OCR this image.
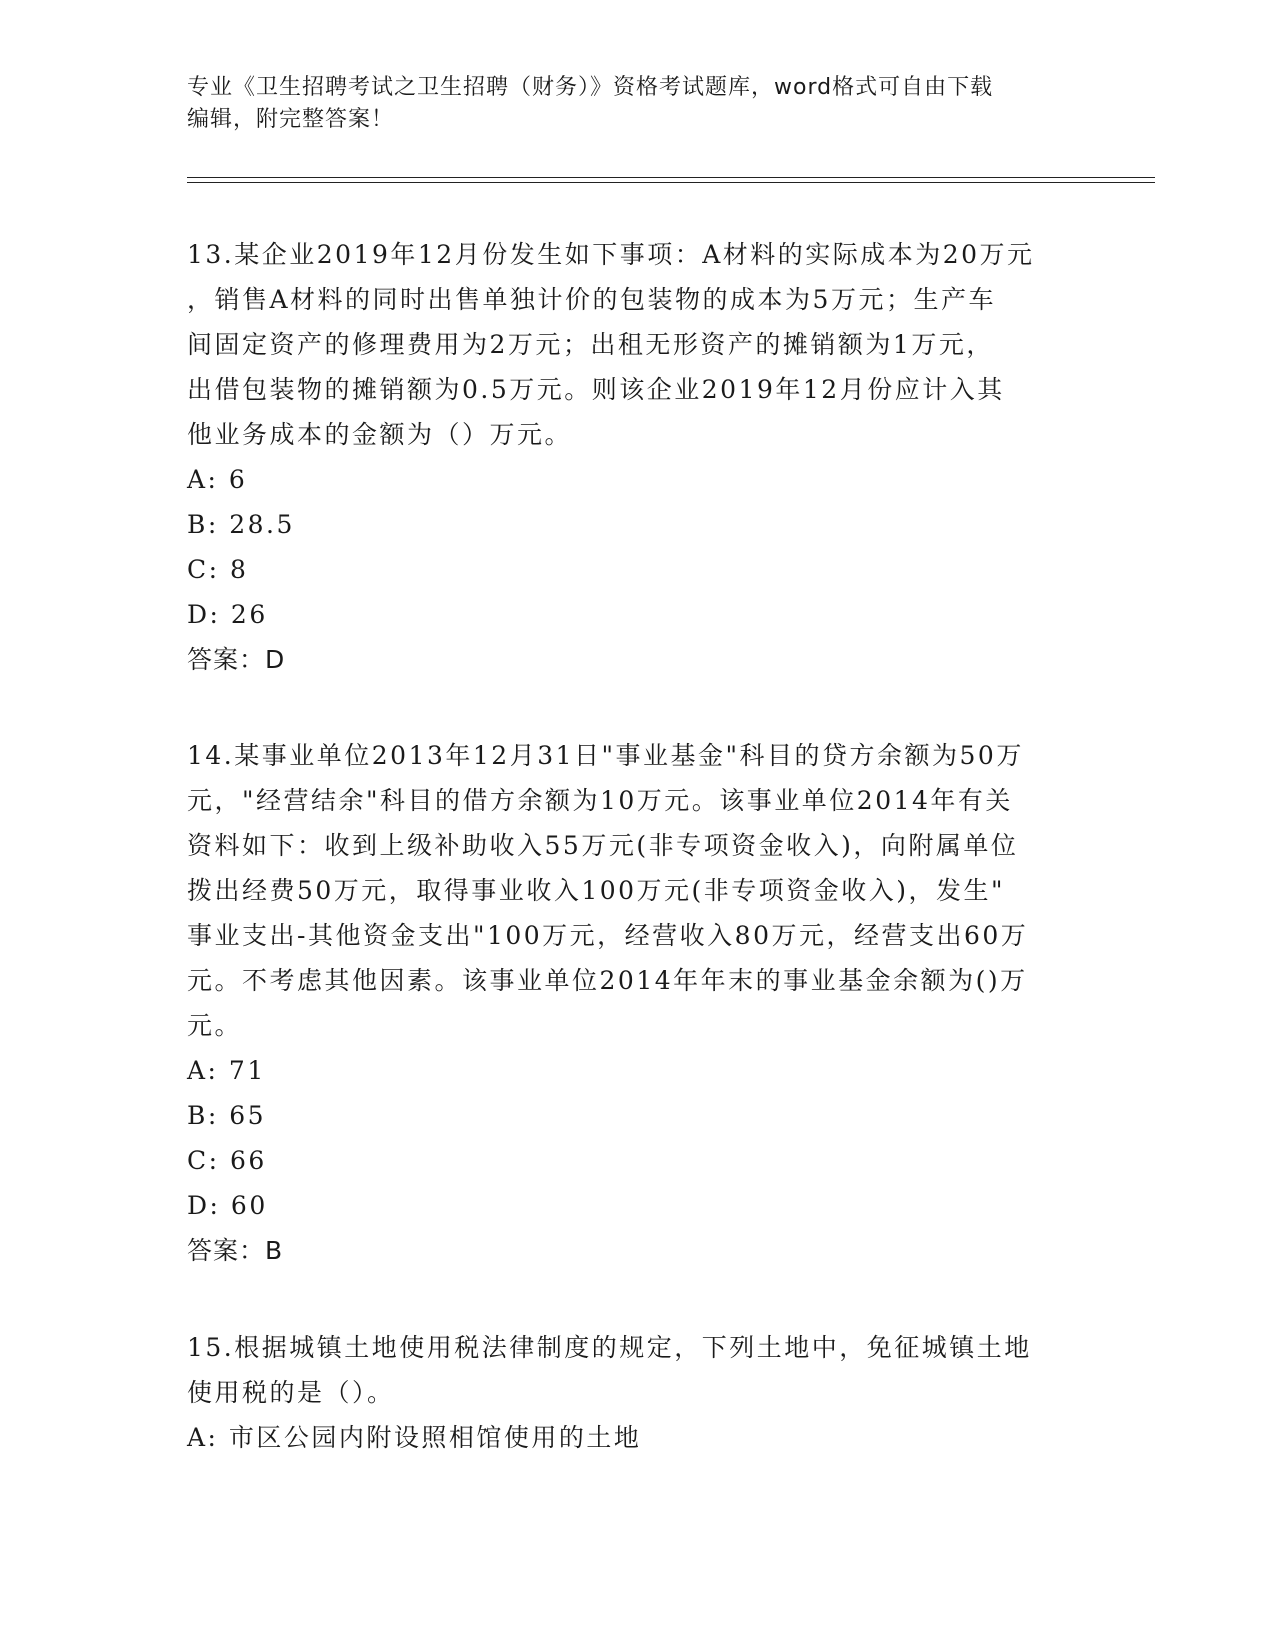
专业《卫生招聘考试之卫生招聘（财务）》资格考试题库，word格式可自由下载
编辑，附完整答案！
13.某企业2019年12月份发生如下事项：A材料的实际成本为20万元
，销售A材料的同时出售单独计价的包装物的成本为5万元；生产车
间固定资产的修理费用为2万元；出租无形资产的摊销额为1万元，
出借包装物的摊销额为0.5万元。则该企业2019年12月份应计入其
他业务成本的金额为（）万元。
A: 6
B: 28.5
C: 8
D: 26
答案：D
14.某事业单位2013年12月31日"事业基金"科目的贷方余额为50万
元，"经营结余"科目的借方余额为10万元。该事业单位2014年有关
资料如下：收到上级补助收入55万元(非专项资金收入)，向附属单位
拨出经费50万元，取得事业收入100万元(非专项资金收入)，发生"
事业支出-其他资金支出"100万元，经营收入80万元，经营支出60万
元。不考虑其他因素。该事业单位2014年年末的事业基金余额为()万
元。
A: 71
B: 65
C: 66
D: 60
答案：B
15.根据城镇土地使用税法律制度的规定，下列土地中，免征城镇土地
使用税的是（）。
A: 市区公园内附设照相馆使用的土地
